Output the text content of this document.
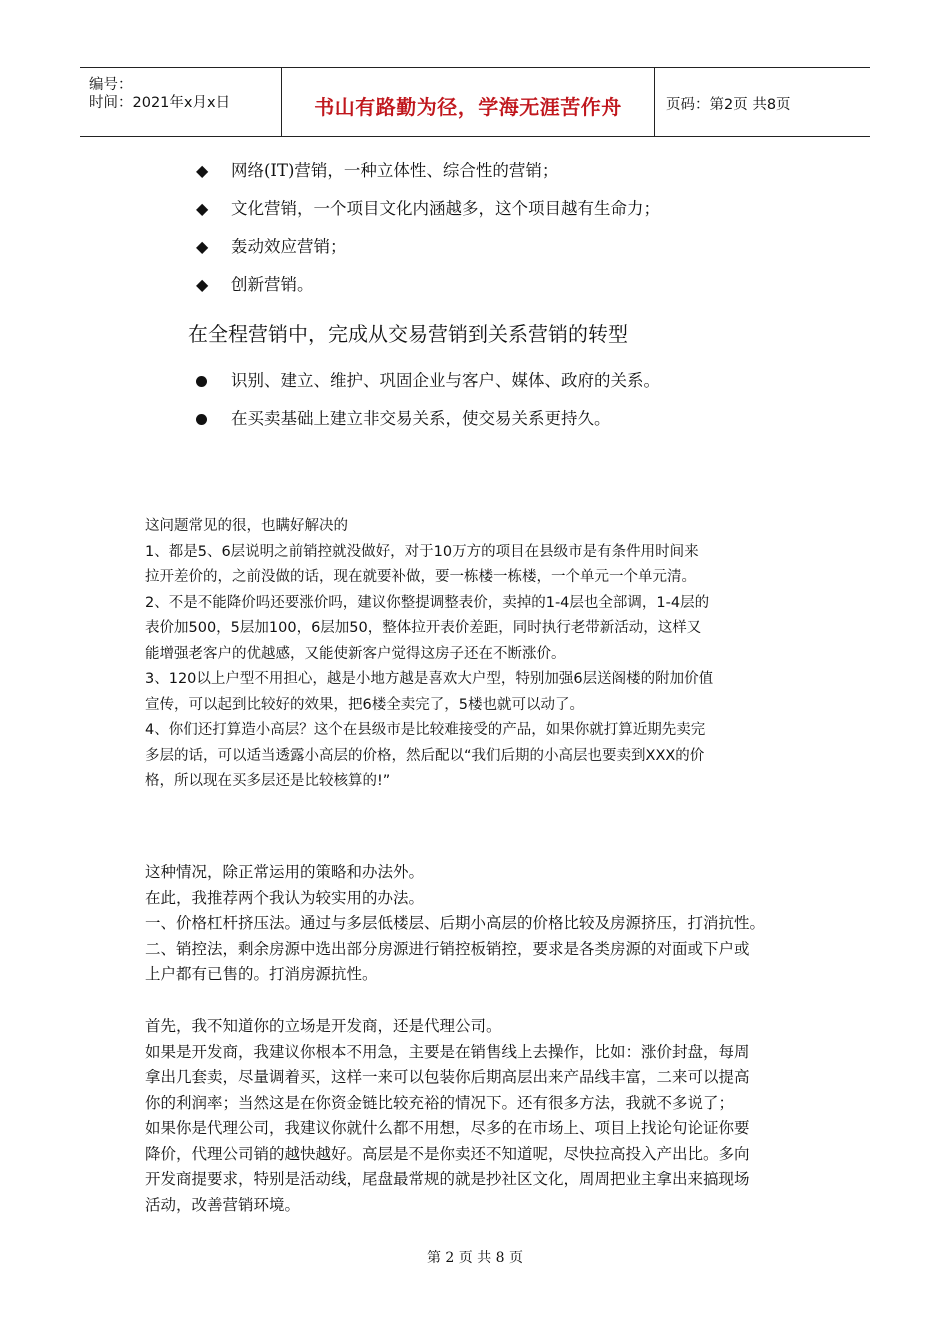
编号：
时间：2021年x月x日	书山有路勤为径，学海无涯苦作舟	页码：第2页 共8页
◆	网络(IT)营销，一种立体性、综合性的营销；
◆	文化营销，一个项目文化内涵越多，这个项目越有生命力；
◆	轰动效应营销；
◆	创新营销。
在全程营销中，完成从交易营销到关系营销的转型
识别、建立、维护、巩固企业与客户、媒体、政府的关系。
在买卖基础上建立非交易关系，使交易关系更持久。

这问题常见的很，也瞒好解决的

1、都是5、6层说明之前销控就没做好，对于10万方的项目在县级市是有条件用时间来

拉开差价的，之前没做的话，现在就要补做，要一栋楼一栋楼，一个单元一个单元清。

2、不是不能降价吗还要涨价吗，建议你整提调整表价，卖掉的1-4层也全部调，1-4层的

表价加500，5层加100，6层加50，整体拉开表价差距，同时执行老带新活动，这样又

能增强老客户的优越感，又能使新客户觉得这房子还在不断涨价。

3、120以上户型不用担心，越是小地方越是喜欢大户型，特别加强6层送阁楼的附加价值

宣传，可以起到比较好的效果，把6楼全卖完了，5楼也就可以动了。

4、你们还打算造小高层？这个在县级市是比较难接受的产品，如果你就打算近期先卖完

多层的话，可以适当透露小高层的价格，然后配以“我们后期的小高层也要卖到XXX的价

格，所以现在买多层还是比较核算的!”

这种情况，除正常运用的策略和办法外。

在此，我推荐两个我认为较实用的办法。

一、价格杠杆挤压法。通过与多层低楼层、后期小高层的价格比较及房源挤压，打消抗性。

二、销控法，剩余房源中选出部分房源进行销控板销控，要求是各类房源的对面或下户或

上户都有已售的。打消房源抗性。

首先，我不知道你的立场是开发商，还是代理公司。

如果是开发商，我建议你根本不用急，主要是在销售线上去操作，比如：涨价封盘，每周

拿出几套卖，尽量调着买，这样一来可以包装你后期高层出来产品线丰富，二来可以提高

你的利润率；当然这是在你资金链比较充裕的情况下。还有很多方法，我就不多说了；

如果你是代理公司，我建议你就什么都不用想，尽多的在市场上、项目上找论句论证你要

降价，代理公司销的越快越好。高层是不是你卖还不知道呢，尽快拉高投入产出比。多向

开发商提要求，特别是活动线，尾盘最常规的就是抄社区文化，周周把业主拿出来搞现场

活动，改善营销环境。

第 2 页 共 8 页
